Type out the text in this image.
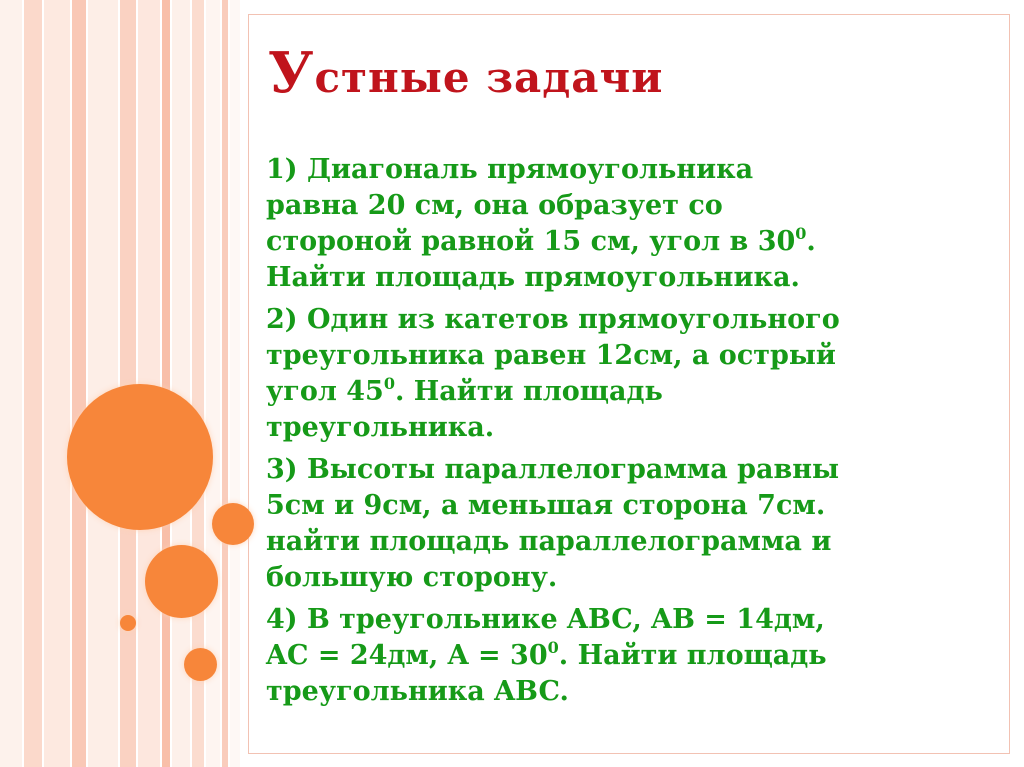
Устные задачи
1) Диагональ прямоугольника
равна 20 см, она образует со
стороной равной 15 см, угол в $30^0$.
Найти площадь прямоугольника.
2) Один из катетов прямоугольного
треугольника равен 12см, а острый
угол $45^0$. Найти площадь
треугольника.
3) Высоты параллелограмма равны
5см и 9см, а меньшая сторона 7см.
найти площадь параллелограмма и
большую сторону.
4) В треугольнике ABC, AB = 14дм,
AC = 24дм, $A = 30^0$. Найти площадь
треугольника ABC.
